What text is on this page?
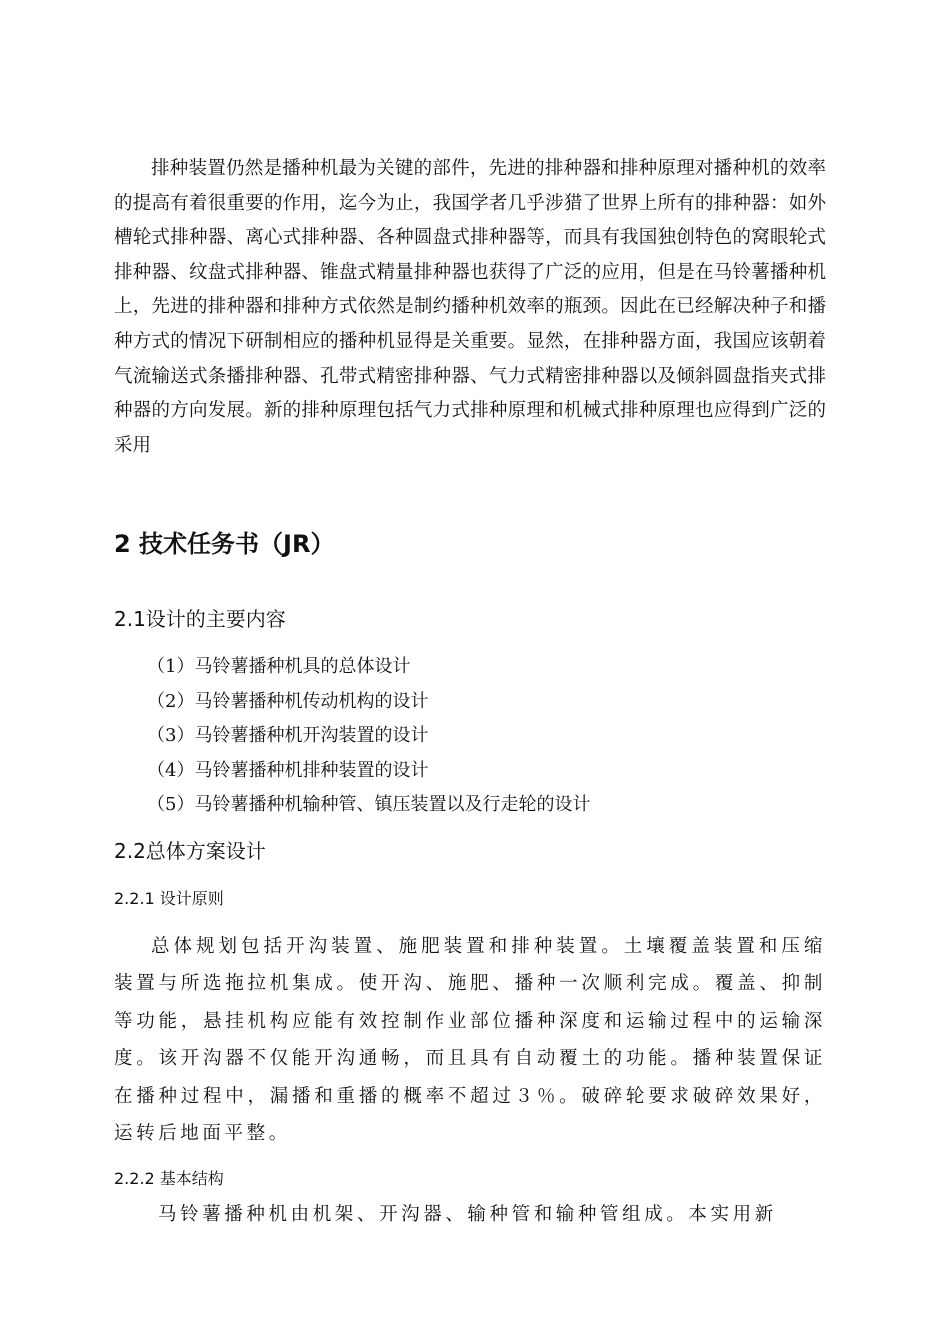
排种装置仍然是播种机最为关键的部件，先进的排种器和排种原理对播种机的效率的提高有着很重要的作用，迄今为止，我国学者几乎涉猎了世界上所有的排种器：如外槽轮式排种器、离心式排种器、各种圆盘式排种器等，而具有我国独创特色的窝眼轮式排种器、纹盘式排种器、锥盘式精量排种器也获得了广泛的应用，但是在马铃薯播种机上，先进的排种器和排种方式依然是制约播种机效率的瓶颈。因此在已经解决种子和播种方式的情况下研制相应的播种机显得是关重要。显然，在排种器方面，我国应该朝着气流输送式条播排种器、孔带式精密排种器、气力式精密排种器以及倾斜圆盘指夹式排种器的方向发展。新的排种原理包括气力式排种原理和机械式排种原理也应得到广泛的采用

2 技术任务书（JR）
2.1设计的主要内容
（1）马铃薯播种机具的总体设计
（2）马铃薯播种机传动机构的设计
（3）马铃薯播种机开沟装置的设计
（4）马铃薯播种机排种装置的设计
（5）马铃薯播种机输种管、镇压装置以及行走轮的设计
2.2总体方案设计
2.2.1 设计原则

总体规划包括开沟装置、施肥装置和排种装置。土壤覆盖装置和压缩装置与所选拖拉机集成。使开沟、施肥、播种一次顺利完成。覆盖、抑制等功能，悬挂机构应能有效控制作业部位播种深度和运输过程中的运输深度。该开沟器不仅能开沟通畅，而且具有自动覆土的功能。播种装置保证在播种过程中，漏播和重播的概率不超过３％。破碎轮要求破碎效果好，运转后地面平整。

2.2.2 基本结构

马铃薯播种机由机架、开沟器、输种管和输种管组成。本实用新
